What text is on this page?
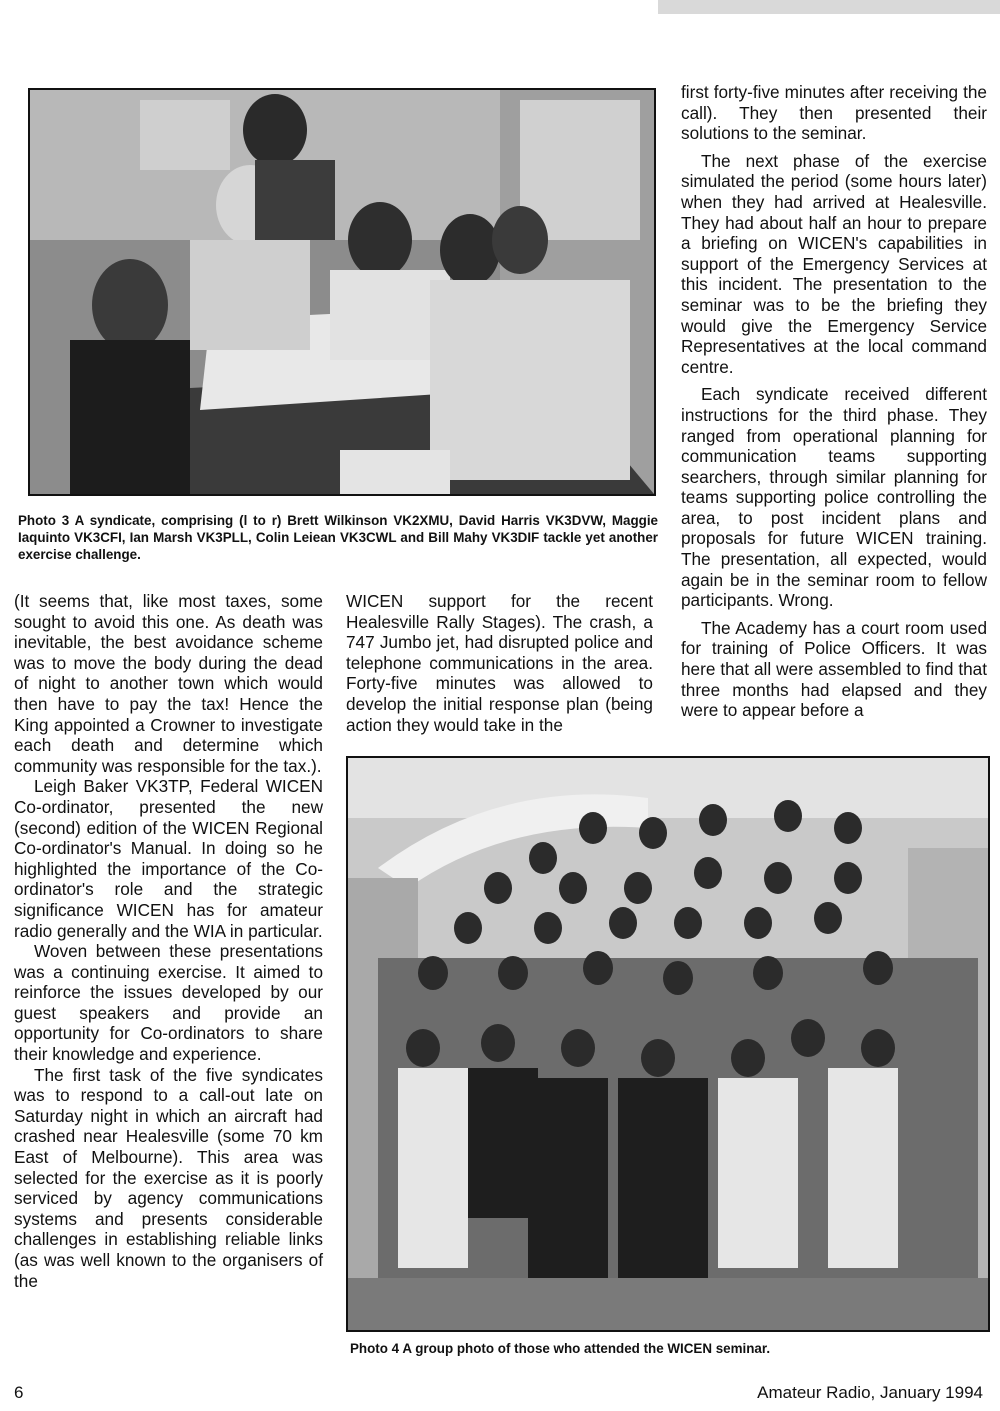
Photo 3 A syndicate, comprising (l to r) Brett Wilkinson VK2XMU, David Harris VK3DVW, Maggie Iaquinto VK3CFI, Ian Marsh VK3PLL, Colin Leiean VK3CWL and Bill Mahy VK3DIF tackle yet another exercise challenge.

(It seems that, like most taxes, some sought to avoid this one. As death was inevitable, the best avoidance scheme was to move the body during the dead of night to another town which would then have to pay the tax! Hence the King appointed a Crowner to investigate each death and determine which community was responsible for the tax.).

Leigh Baker VK3TP, Federal WICEN Co-ordinator, presented the new (second) edition of the WICEN Regional Co-ordinator's Manual. In doing so he highlighted the importance of the Co-ordinator's role and the strategic significance WICEN has for amateur radio generally and the WIA in particular.

Woven between these presentations was a continuing exercise. It aimed to reinforce the issues developed by our guest speakers and provide an opportunity for Co-ordinators to share their knowledge and experience.

The first task of the five syndicates was to respond to a call-out late on Saturday night in which an aircraft had crashed near Healesville (some 70 km East of Melbourne). This area was selected for the exercise as it is poorly serviced by agency communications systems and presents considerable challenges in establishing reliable links (as was well known to the organisers of the

WICEN support for the recent Healesville Rally Stages). The crash, a 747 Jumbo jet, had disrupted police and telephone communications in the area. Forty-five minutes was allowed to develop the initial response plan (being action they would take in the

first forty-five minutes after receiving the call). They then presented their solutions to the seminar.

The next phase of the exercise simulated the period (some hours later) when they had arrived at Healesville. They had about half an hour to prepare a briefing on WICEN's capabilities in support of the Emergency Services at this incident. The presentation to the seminar was to be the briefing they would give the Emergency Service Representatives at the local command centre.

Each syndicate received different instructions for the third phase. They ranged from operational planning for communication teams supporting searchers, through similar planning for teams supporting police controlling the area, to post incident plans and proposals for future WICEN training. The presentation, all expected, would again be in the seminar room to fellow participants. Wrong.

The Academy has a court room used for training of Police Officers. It was here that all were assembled to find that three months had elapsed and they were to appear before a

Photo 4 A group photo of those who attended the WICEN seminar.
6	Amateur Radio, January 1994
